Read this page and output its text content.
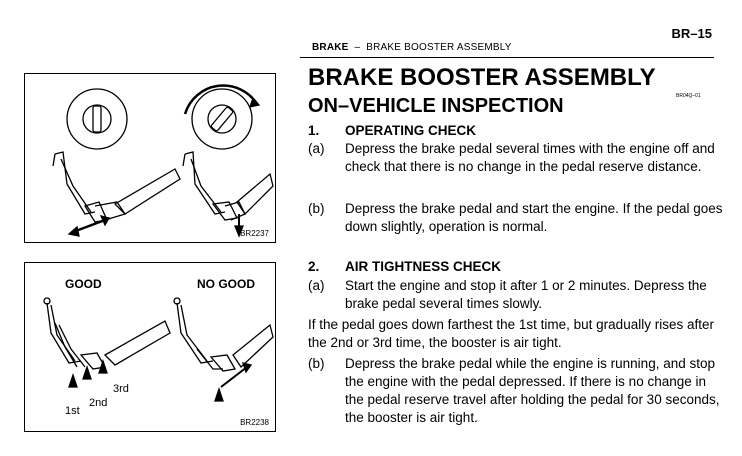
BR–15
BRAKE – BRAKE BOOSTER ASSEMBLY
BR2237
GOOD	NO GOOD
1st
2nd
3rd
BR2238
BRAKE BOOSTER ASSEMBLY
BR04Q–01
ON–VEHICLE INSPECTION
1. OPERATING CHECK
(a) Depress the brake pedal several times with the engine off and check that there is no change in the pedal reserve distance.
(b) Depress the brake pedal and start the engine. If the pedal goes down slightly, operation is normal.
2. AIR TIGHTNESS CHECK
(a) Start the engine and stop it after 1 or 2 minutes. Depress the brake pedal several times slowly.
If the pedal goes down farthest the 1st time, but gradually rises after the 2nd or 3rd time, the booster is air tight.
(b) Depress the brake pedal while the engine is running, and stop the engine with the pedal depressed. If there is no change in the pedal reserve travel after holding the pedal for 30 seconds, the booster is air tight.
